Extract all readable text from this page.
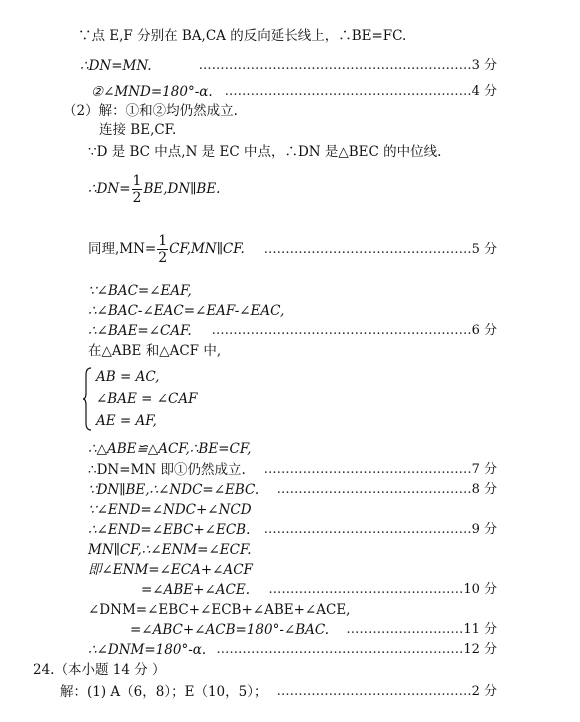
∵点 E,F 分别在 BA,CA 的反向延长线上，∴BE=FC.
∴DN=MN.	………………………………………………………3 分
②∠MND=180°-α. …………………………………………………4 分
（2）解：①和②均仍然成立.
连接 BE,CF.
∵D 是 BC 中点,N 是 EC 中点，∴DN 是△BEC 的中位线.
∴DN= $\frac{1}{2}$ BE,DN∥BE.
同理$,MN= \frac{1}{2}$ CF,MN∥CF.	…………………………………………5 分
∵∠BAC=∠EAF,
∴∠BAC-∠EAC=∠EAF-∠EAC,
∴∠BAE=∠CAF.	……………………………………………………6 分
在△ABE 和△ACF 中,
AB = AC,
∠BAE = ∠CAF
AE = AF,
∴△ABE≌△ACF,∴BE=CF,
∴DN=MN 即①仍然成立.	…………………………………………7 分
∵DN∥BE,∴∠NDC=∠EBC.	………………………………………8 分
∵∠END=∠NDC+∠NCD
∴∠END=∠EBC+∠ECB.	…………………………………………9 分
MN∥CF,∴∠ENM=∠ECF.
即∠ENM=∠ECA+∠ACF
=∠ABE+∠ACE.	………………………………………10 分
∠DNM=∠EBC+∠ECB+∠ABE+∠ACE,
=∠ABC+∠ACB=180°-∠BAC.	………………………11 分
∴∠DNM=180°-α. …………………………………………………12 分
24.（本小题 14 分 ）
解：(1) A（6，8）；E（10，5）； ………………………………………2 分
